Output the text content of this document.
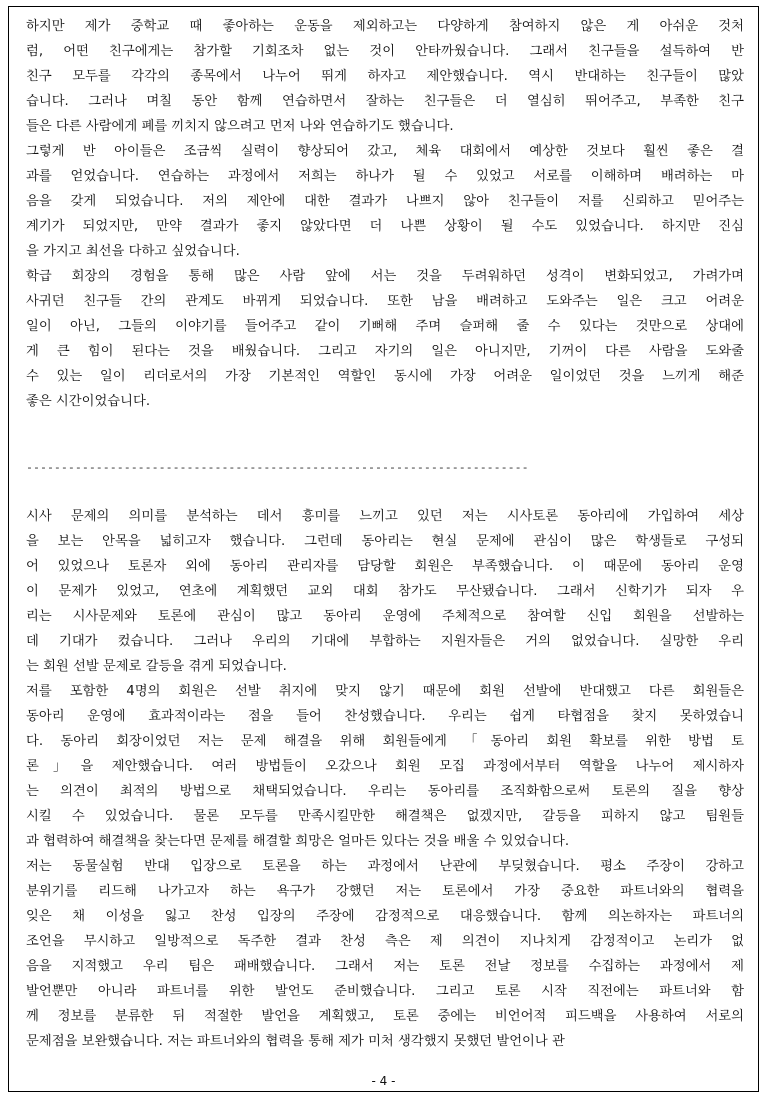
하지만 제가 중학교 때 좋아하는 운동을 제외하고는 다양하게 참여하지 않은 게 아쉬운 것처
럼, 어떤 친구에게는 참가할 기회조차 없는 것이 안타까웠습니다. 그래서 친구들을 설득하여 반
친구 모두를 각각의 종목에서 나누어 뛰게 하자고 제안했습니다. 역시 반대하는 친구들이 많았
습니다. 그러나 며칠 동안 함께 연습하면서 잘하는 친구들은 더 열심히 뛰어주고, 부족한 친구
들은 다른 사람에게 폐를 끼치지 않으려고 먼저 나와 연습하기도 했습니다.
그렇게 반 아이들은 조금씩 실력이 향상되어 갔고, 체육 대회에서 예상한 것보다 훨씬 좋은 결
과를 얻었습니다. 연습하는 과정에서 저희는 하나가 될 수 있었고 서로를 이해하며 배려하는 마
음을 갖게 되었습니다. 저의 제안에 대한 결과가 나쁘지 않아 친구들이 저를 신뢰하고 믿어주는
계기가 되었지만, 만약 결과가 좋지 않았다면 더 나쁜 상황이 될 수도 있었습니다. 하지만 진심
을 가지고 최선을 다하고 싶었습니다.
학급 회장의 경험을 통해 많은 사람 앞에 서는 것을 두려워하던 성격이 변화되었고, 가려가며
사귀던 친구들 간의 관계도 바뀌게 되었습니다. 또한 남을 배려하고 도와주는 일은 크고 어려운
일이 아닌, 그들의 이야기를 들어주고 같이 기뻐해 주며 슬퍼해 줄 수 있다는 것만으로 상대에
게 큰 힘이 된다는 것을 배웠습니다. 그리고 자기의 일은 아니지만, 기꺼이 다른 사람을 도와줄
수 있는 일이 리더로서의 가장 기본적인 역할인 동시에 가장 어려운 일이었던 것을 느끼게 해준
좋은 시간이었습니다.
------------------------------------------------------------------------
시사 문제의 의미를 분석하는 데서 흥미를 느끼고 있던 저는 시사토론 동아리에 가입하여 세상
을 보는 안목을 넓히고자 했습니다. 그런데 동아리는 현실 문제에 관심이 많은 학생들로 구성되
어 있었으나 토론자 외에 동아리 관리자를 담당할 회원은 부족했습니다. 이 때문에 동아리 운영
이 문제가 있었고, 연초에 계획했던 교외 대회 참가도 무산됐습니다. 그래서 신학기가 되자 우
리는 시사문제와 토론에 관심이 많고 동아리 운영에 주체적으로 참여할 신입 회원을 선발하는
데 기대가 컸습니다. 그러나 우리의 기대에 부합하는 지원자들은 거의 없었습니다. 실망한 우리
는 회원 선발 문제로 갈등을 겪게 되었습니다.
저를 포함한 4명의 회원은 선발 취지에 맞지 않기 때문에 회원 선발에 반대했고 다른 회원들은
동아리 운영에 효과적이라는 점을 들어 찬성했습니다. 우리는 쉽게 타협점을 찾지 못하였습니
다. 동아리 회장이었던 저는 문제 해결을 위해 회원들에게 「동아리 회원 확보를 위한 방법 토
론」을 제안했습니다. 여러 방법들이 오갔으나 회원 모집 과정에서부터 역할을 나누어 제시하자
는 의견이 최적의 방법으로 채택되었습니다. 우리는 동아리를 조직화함으로써 토론의 질을 향상
시킬 수 있었습니다. 물론 모두를 만족시킬만한 해결책은 없겠지만, 갈등을 피하지 않고 팀원들
과 협력하여 해결책을 찾는다면 문제를 해결할 희망은 얼마든 있다는 것을 배울 수 있었습니다.
저는 동물실험 반대 입장으로 토론을 하는 과정에서 난관에 부딪혔습니다. 평소 주장이 강하고
분위기를 리드해 나가고자 하는 욕구가 강했던 저는 토론에서 가장 중요한 파트너와의 협력을
잊은 채 이성을 잃고 찬성 입장의 주장에 감정적으로 대응했습니다. 함께 의논하자는 파트너의
조언을 무시하고 일방적으로 독주한 결과 찬성 측은 제 의견이 지나치게 감정적이고 논리가 없
음을 지적했고 우리 팀은 패배했습니다. 그래서 저는 토론 전날 정보를 수집하는 과정에서 제
발언뿐만 아니라 파트너를 위한 발언도 준비했습니다. 그리고 토론 시작 직전에는 파트너와 함
께 정보를 분류한 뒤 적절한 발언을 계획했고, 토론 중에는 비언어적 피드백을 사용하여 서로의
문제점을 보완했습니다. 저는 파트너와의 협력을 통해 제가 미처 생각했지 못했던 발언이나 관
- 4 -
